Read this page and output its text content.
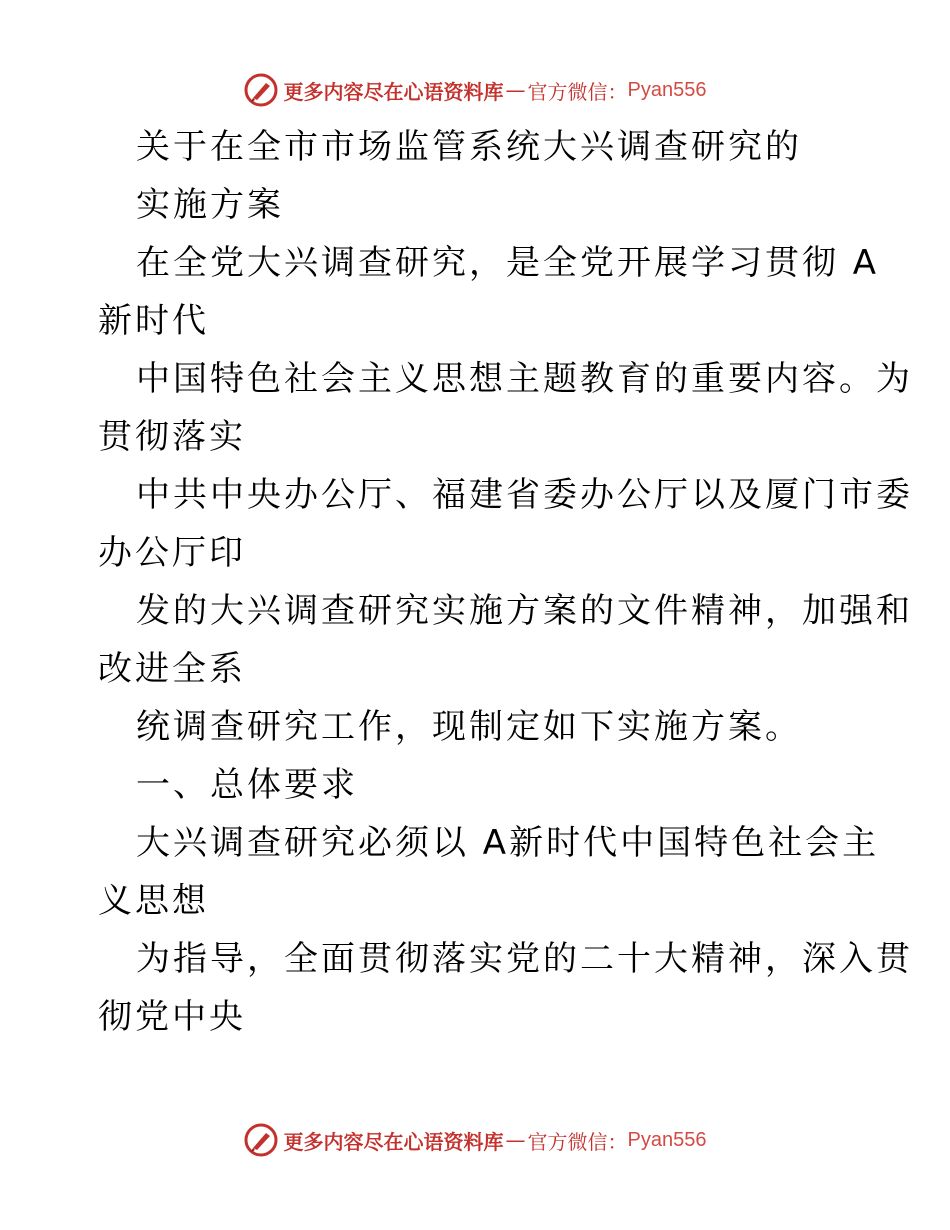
更多内容尽在心语资料库 — 官方微信： Pyan556
关于在全市市场监管系统大兴调查研究的
实施方案
在全党大兴调查研究，是全党开展学习贯彻 A
新时代
中国特色社会主义思想主题教育的重要内容。为
贯彻落实
中共中央办公厅、福建省委办公厅以及厦门市委
办公厅印
发的大兴调查研究实施方案的文件精神，加强和
改进全系
统调查研究工作，现制定如下实施方案。
一、总体要求
大兴调查研究必须以 A新时代中国特色社会主
义思想
为指导，全面贯彻落实党的二十大精神，深入贯
彻党中央
更多内容尽在心语资料库 — 官方微信： Pyan556
